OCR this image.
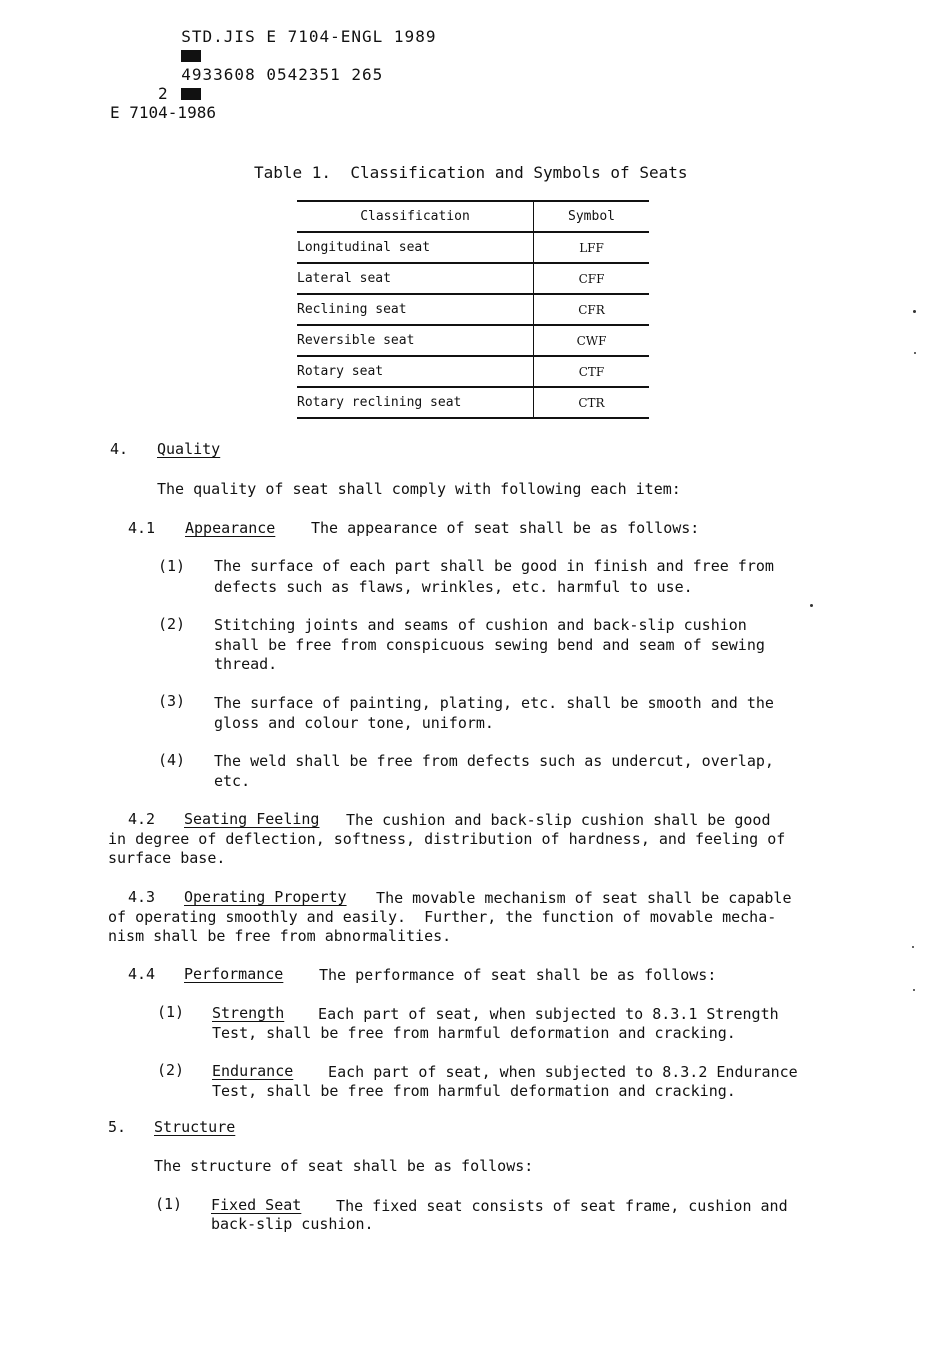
STD.JIS E 7104-ENGL 1989

4933608 0542351 265

2
E 7104-1986
Table 1.  Classification and Symbols of Seats
Classification	Symbol
Longitudinal seat	LFF
Lateral seat	CFF
Reclining seat	CFR
Reversible seat	CWF
Rotary seat	CTF
Rotary reclining seat	CTR
4. Quality
The quality of seat shall comply with following each item:
4.1 Appearance The appearance of seat shall be as follows:
(1) The surface of each part shall be good in finish and free from
defects such as flaws, wrinkles, etc. harmful to use.
(2) Stitching joints and seams of cushion and back-slip cushion
shall be free from conspicuous sewing bend and seam of sewing
thread.
(3) The surface of painting, plating, etc. shall be smooth and the
gloss and colour tone, uniform.
(4) The weld shall be free from defects such as undercut, overlap,
etc.
4.2 Seating Feeling The cushion and back-slip cushion shall be good
in degree of deflection, softness, distribution of hardness, and feeling of
surface base.
4.3 Operating Property The movable mechanism of seat shall be capable
of operating smoothly and easily.  Further, the function of movable mecha-
nism shall be free from abnormalities.
4.4 Performance The performance of seat shall be as follows:
(1) Strength Each part of seat, when subjected to 8.3.1 Strength
Test, shall be free from harmful deformation and cracking.
(2) Endurance Each part of seat, when subjected to 8.3.2 Endurance
Test, shall be free from harmful deformation and cracking.
5. Structure
The structure of seat shall be as follows:
(1) Fixed Seat The fixed seat consists of seat frame, cushion and
back-slip cushion.
